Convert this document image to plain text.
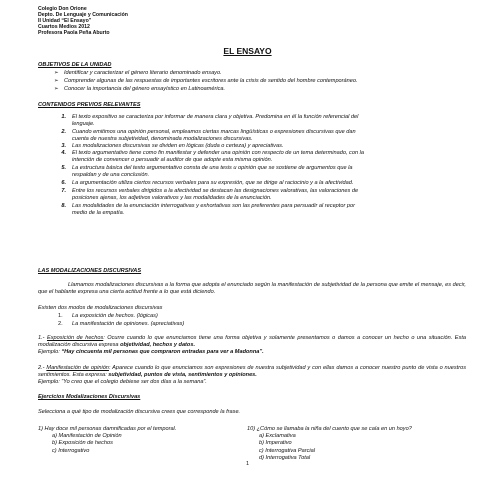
Colegio Don Orione
Depto. De Lenguaje y Comunicación
II Unidad “El Ensayo”
Cuartos Medios 2012
Profesora Paola Peña Aburto
EL ENSAYO
OBJETIVOS DE LA UNIDAD
➢ Identificar y caracterizar el género literario denominado ensayo.
➢ Comprender algunas de las respuestas de importantes escritores ante la crisis de sentido del hombre contemporáneo.
➢ Conocer la importancia del género ensayístico en Latinoamérica.
CONTENIDOS PREVIOS RELEVANTES
1. El texto expositivo se caracteriza por informar de manera clara y objetiva. Predomina en él la función referencial del
lenguaje.
2. Cuando emitimos una opinión personal, empleamos ciertas marcas lingüísticas o expresiones discursivas que dan
cuenta de nuestra subjetividad, denominada modalizaciones discursivas.
3. Las modalizaciones discursivas se dividen en lógicas (duda o certeza) y apreciativas.
4. El texto argumentativo tiene como fin manifestar y defender una opinión con respecto de un tema determinado, con la
intención de convencer o persuadir al auditor de que adopte esta misma opinión.
5. La estructura básica del texto argumentativo consta de una tesis u opinión que se sostiene de argumentos que la
respaldan y de una conclusión.
6. La argumentación utiliza ciertos recursos verbales para su expresión, que se dirige al raciocinio y a la afectividad.
7. Entre los recursos verbales dirigidos a la afectividad se destacan las designaciones valorativas, las valoraciones de
posiciones ajenas, los adjetivos valorativos y las modalidades de la enunciación.
8. Las modalidades de la enunciación interrogativas y exhortativas son las preferentes para persuadir al receptor por
medio de la empatía.
LAS MODALIZACIONES DISCURSIVAS
Llamamos modalizaciones discursivas a la forma que adopta el enunciado según la manifestación de subjetividad de la persona que emite el mensaje, es decir, que el hablante expresa una cierta actitud frente a lo que está diciendo.
Existen dos modos de modalizaciones discursivas
1. La exposición de hechos. (lógicas)
2. La manifestación de opiniones. (apreciativas)
1.- Exposición de hechos: Ocurre cuando lo que enunciamos tiene una forma objetiva y solamente presentamos o damos a conocer un hecho o una situación. Esta modalización discursiva expresa objetividad, hechos y datos.
Ejemplo: “Hay cincuenta mil personas que compraron entradas para ver a Madonna”.
2.- Manifestación de opinión: Aparece cuando lo que enunciamos son expresiones de nuestra subjetividad y con ellas damos a conocer nuestro punto de vista o nuestros sentimientos. Esta expresa: subjetividad, puntos de vista, sentimientos y opiniones.
Ejemplo: “Yo creo que el colegio debiese ser dos días a la semana”.
Ejercicios Modalizaciones Discursivas
Selecciona a qué tipo de modalización discursiva crees que corresponde la frase.
1) Hay doce mil personas damnificadas por el temporal.
a) Manifestación de Opinión
b) Exposición de hechos
c) Interrogativo
10) ¿Cómo se llamaba la niña del cuento que se caía en un hoyo?
a) Exclamativa
b) Imperativo
c) Interrogativa Parcial
d) Interrogativa Total
1
